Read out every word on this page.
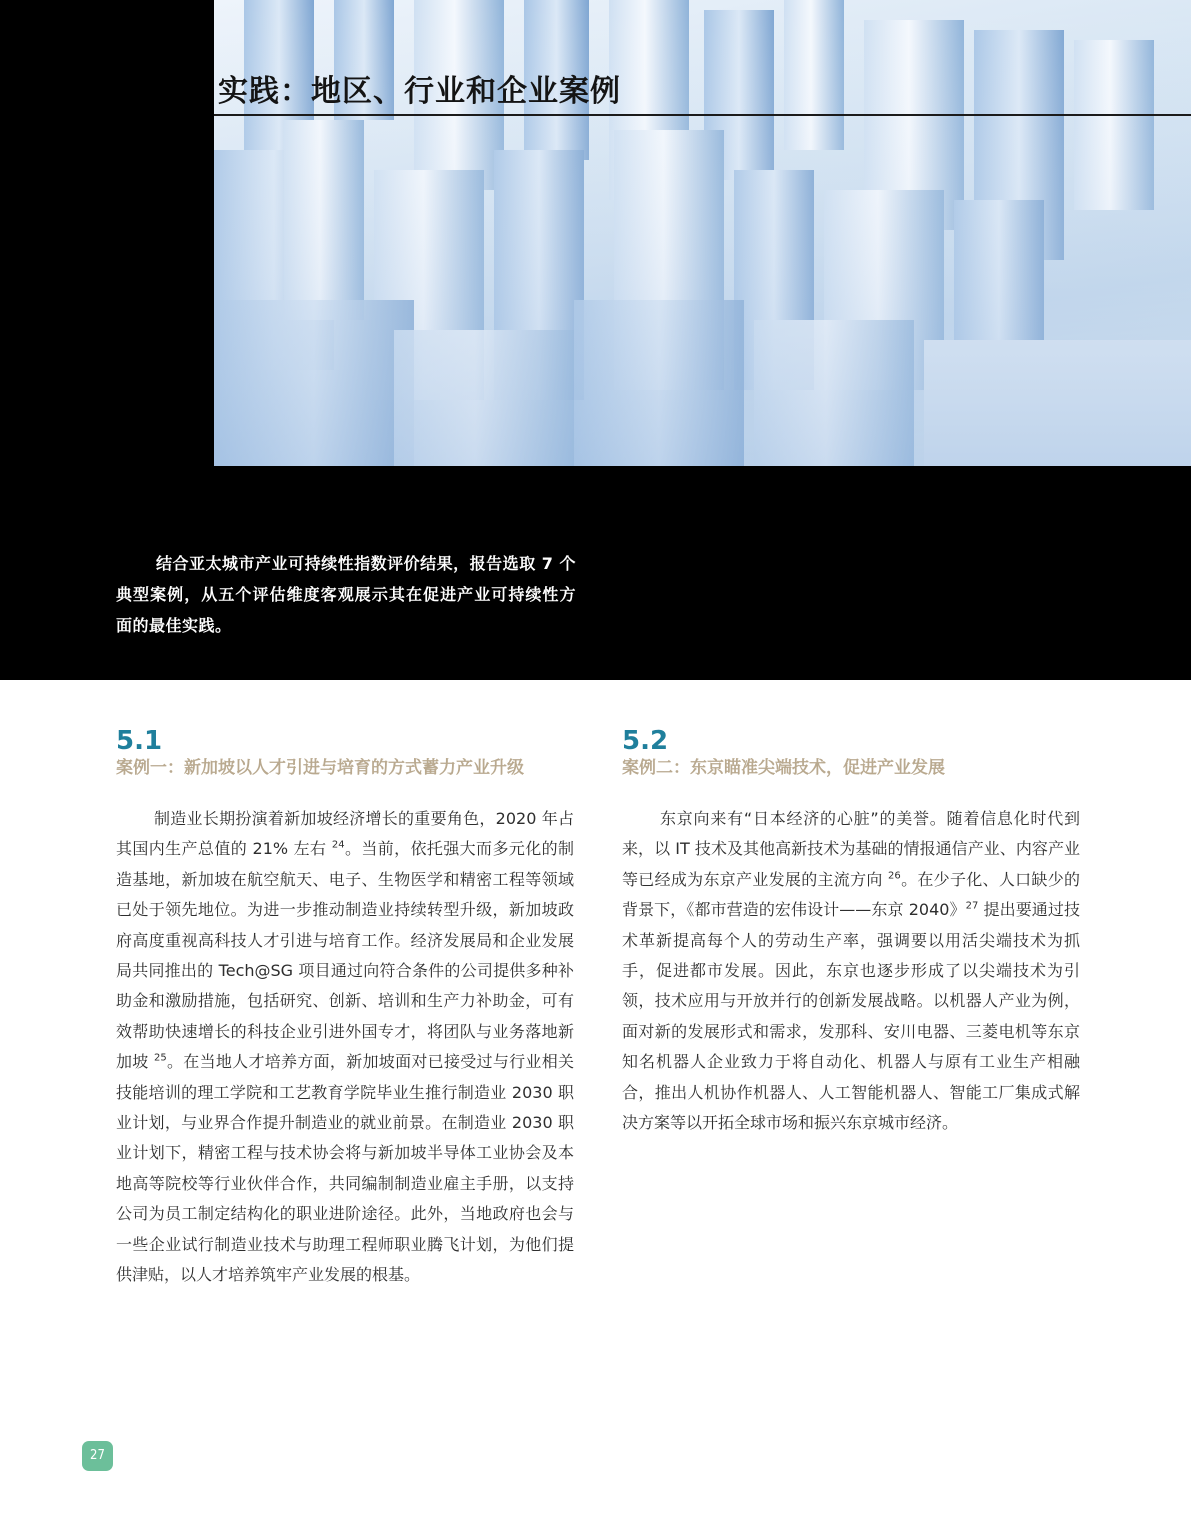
实践：地区、行业和企业案例
结合亚太城市产业可持续性指数评价结果，报告选取 7 个典型案例，从五个评估维度客观展示其在促进产业可持续性方面的最佳实践。
5.1
案例一：新加坡以人才引进与培育的方式蓄力产业升级
制造业长期扮演着新加坡经济增长的重要角色，2020 年占其国内生产总值的 21% 左右 $^{24}$。当前，依托强大而多元化的制造基地，新加坡在航空航天、电子、生物医学和精密工程等领域已处于领先地位。为进一步推动制造业持续转型升级，新加坡政府高度重视高科技人才引进与培育工作。经济发展局和企业发展局共同推出的 Tech@SG 项目通过向符合条件的公司提供多种补助金和激励措施，包括研究、创新、培训和生产力补助金，可有效帮助快速增长的科技企业引进外国专才，将团队与业务落地新加坡 $^{25}$。在当地人才培养方面，新加坡面对已接受过与行业相关技能培训的理工学院和工艺教育学院毕业生推行制造业 2030 职业计划，与业界合作提升制造业的就业前景。在制造业 2030 职业计划下，精密工程与技术协会将与新加坡半导体工业协会及本地高等院校等行业伙伴合作，共同编制制造业雇主手册，以支持公司为员工制定结构化的职业进阶途径。此外，当地政府也会与一些企业试行制造业技术与助理工程师职业腾飞计划，为他们提供津贴，以人才培养筑牢产业发展的根基。
5.2
案例二：东京瞄准尖端技术，促进产业发展
东京向来有“日本经济的心脏”的美誉。随着信息化时代到来，以 IT 技术及其他高新技术为基础的情报通信产业、内容产业等已经成为东京产业发展的主流方向 $^{26}$。在少子化、人口缺少的背景下，《都市营造的宏伟设计——东京 2040》$^{27}$ 提出要通过技术革新提高每个人的劳动生产率，强调要以用活尖端技术为抓手，促进都市发展。因此，东京也逐步形成了以尖端技术为引领，技术应用与开放并行的创新发展战略。以机器人产业为例，面对新的发展形式和需求，发那科、安川电器、三菱电机等东京知名机器人企业致力于将自动化、机器人与原有工业生产相融合，推出人机协作机器人、人工智能机器人、智能工厂集成式解决方案等以开拓全球市场和振兴东京城市经济。
27
